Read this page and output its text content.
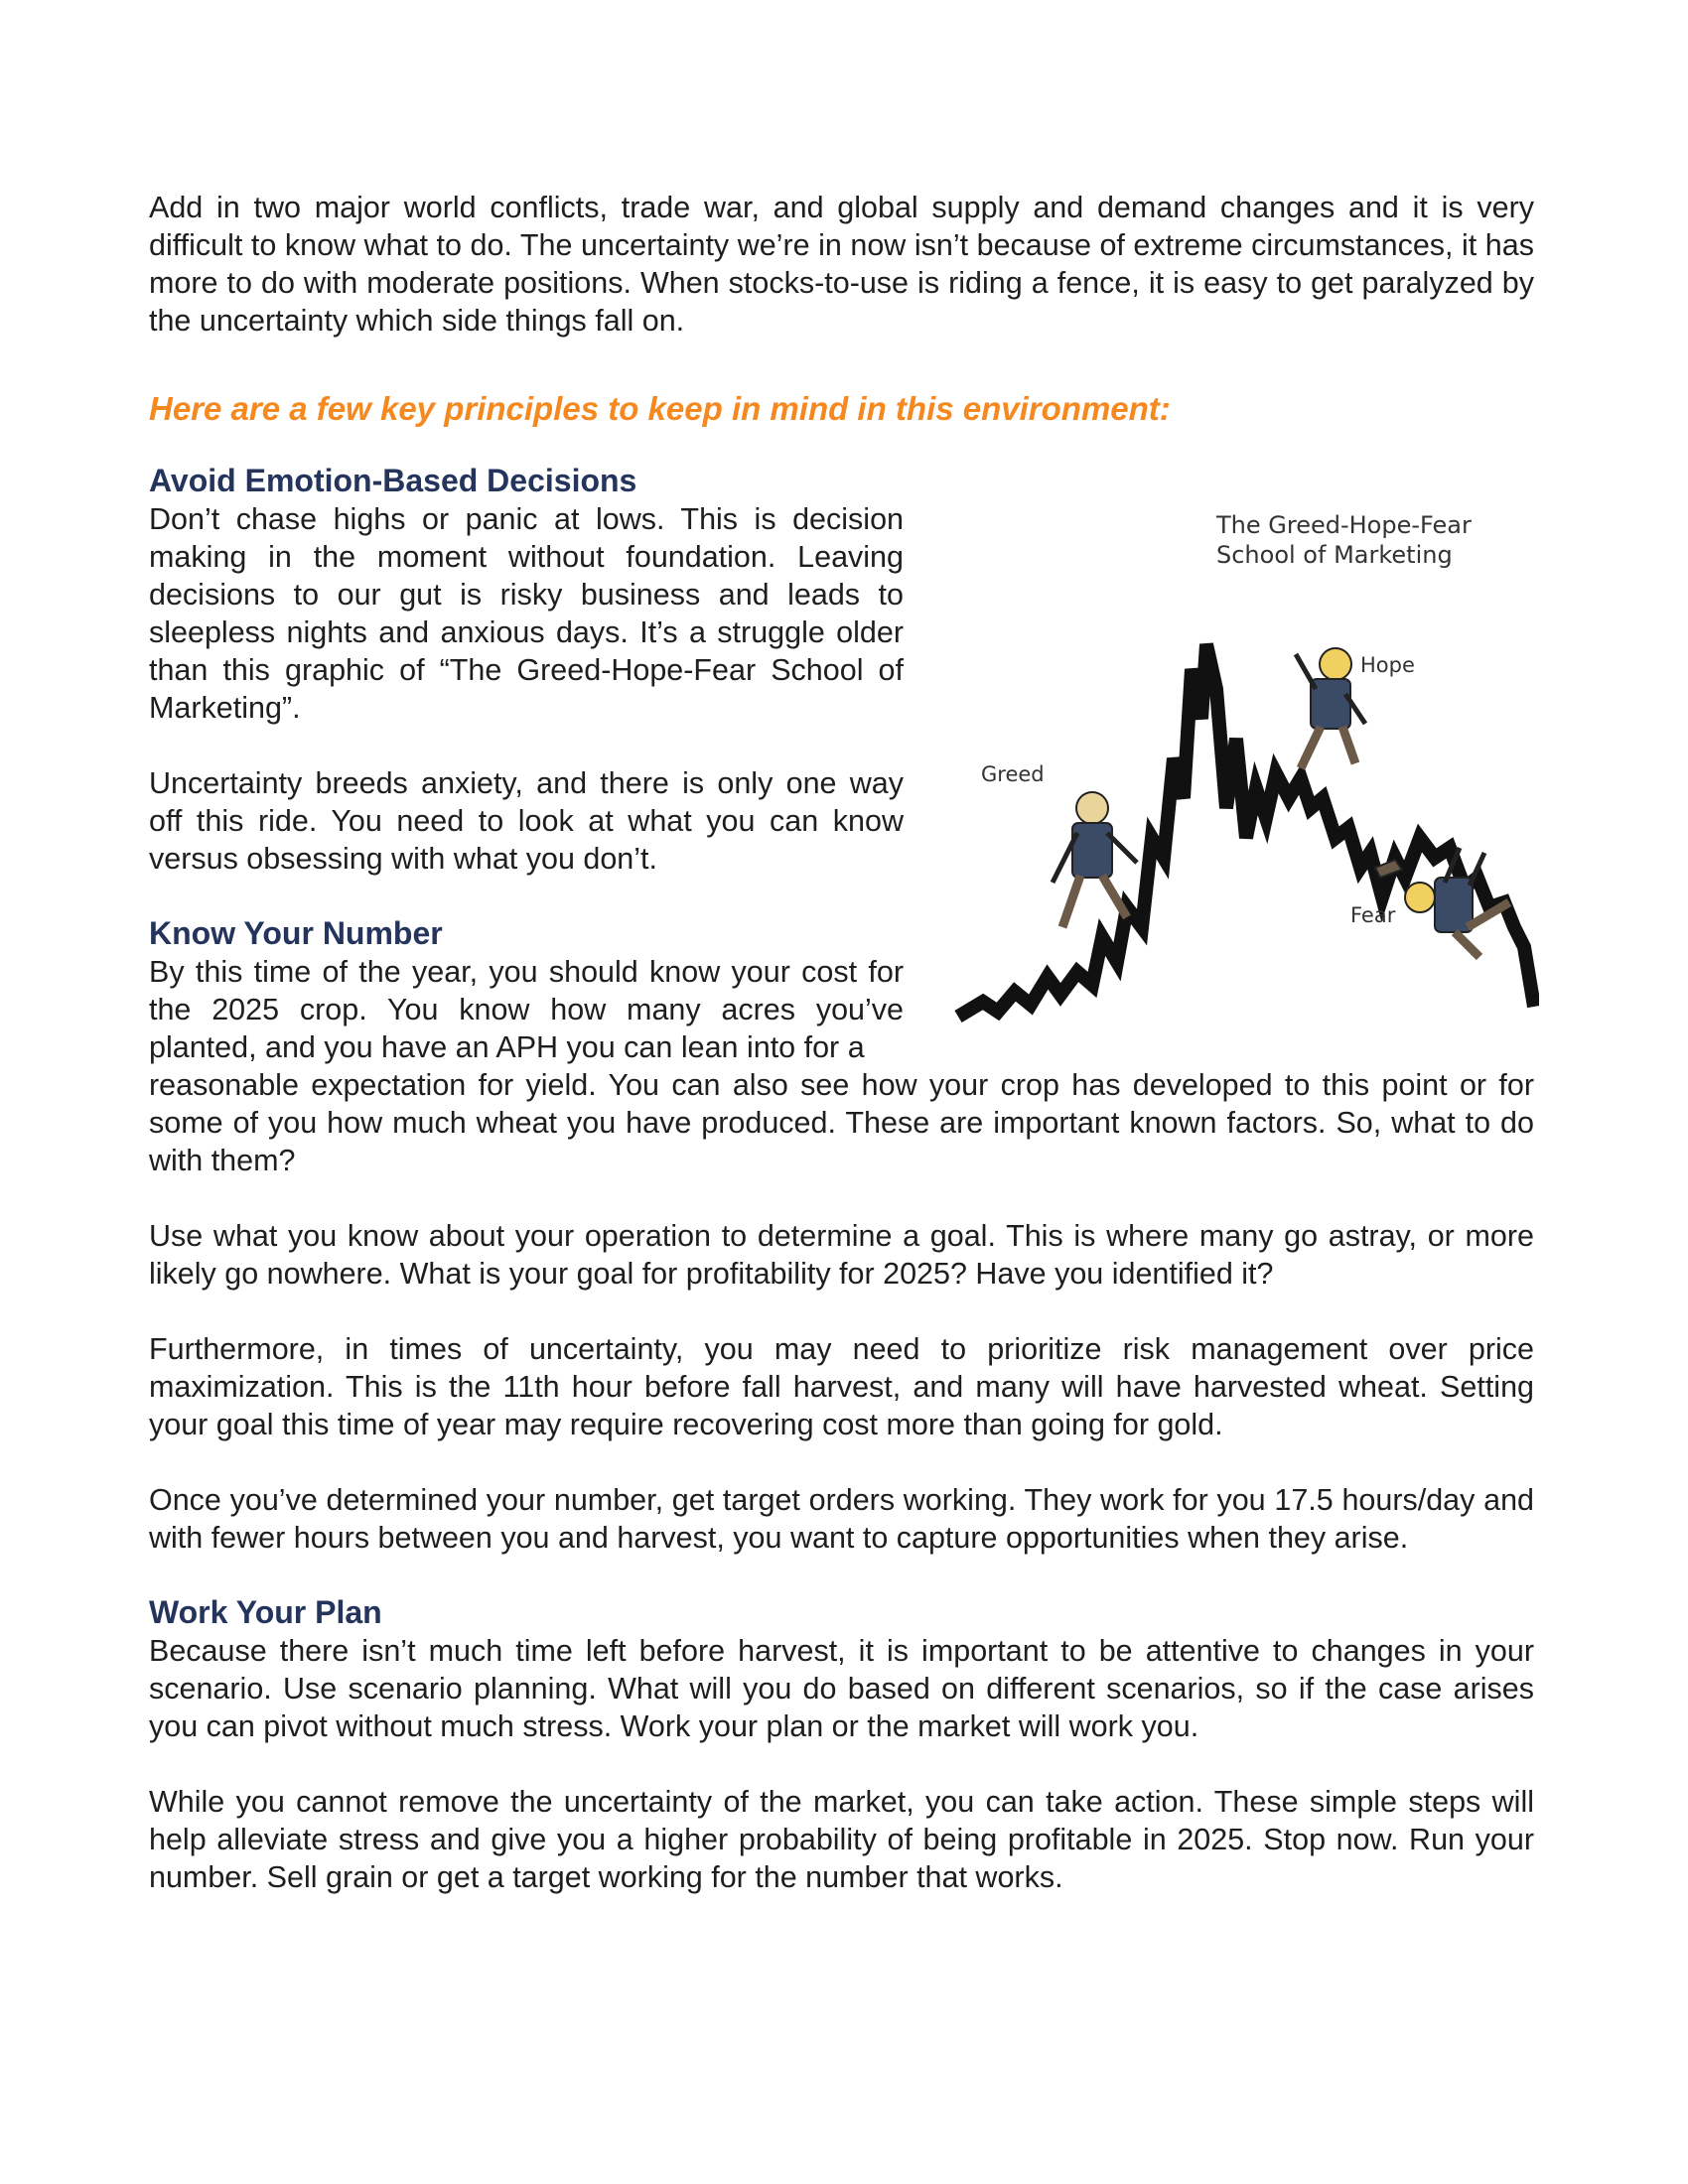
Add in two major world conflicts, trade war, and global supply and demand changes and it is very difficult to know what to do. The uncertainty we’re in now isn’t because of extreme circumstances, it has more to do with moderate positions. When stocks-to-use is riding a fence, it is easy to get paralyzed by the uncertainty which side things fall on.

Here are a few key principles to keep in mind in this environment:

The Greed-Hope-Fear
School of Marketing
Greed
Hope
Fear
Avoid Emotion-Based Decisions

Don’t chase highs or panic at lows. This is decision making in the moment without foundation. Leaving decisions to our gut is risky business and leads to sleepless nights and anxious days. It’s a struggle older than this graphic of “The Greed-Hope-Fear School of Marketing”.

Uncertainty breeds anxiety, and there is only one way off this ride. You need to look at what you can know versus obsessing with what you don’t.

Know Your Number

By this time of the year, you should know your cost for the 2025 crop. You know how many acres you’ve planted, and you have an APH you can lean into for a

reasonable expectation for yield. You can also see how your crop has developed to this point or for some of you how much wheat you have produced. These are important known factors. So, what to do with them?

Use what you know about your operation to determine a goal. This is where many go astray, or more likely go nowhere. What is your goal for profitability for 2025? Have you identified it?

Furthermore, in times of uncertainty, you may need to prioritize risk management over price maximization. This is the 11th hour before fall harvest, and many will have harvested wheat. Setting your goal this time of year may require recovering cost more than going for gold.

Once you’ve determined your number, get target orders working. They work for you 17.5 hours/day and with fewer hours between you and harvest, you want to capture opportunities when they arise.

Work Your Plan

Because there isn’t much time left before harvest, it is important to be attentive to changes in your scenario. Use scenario planning. What will you do based on different scenarios, so if the case arises you can pivot without much stress. Work your plan or the market will work you.

While you cannot remove the uncertainty of the market, you can take action. These simple steps will help alleviate stress and give you a higher probability of being profitable in 2025. Stop now. Run your number. Sell grain or get a target working for the number that works.
